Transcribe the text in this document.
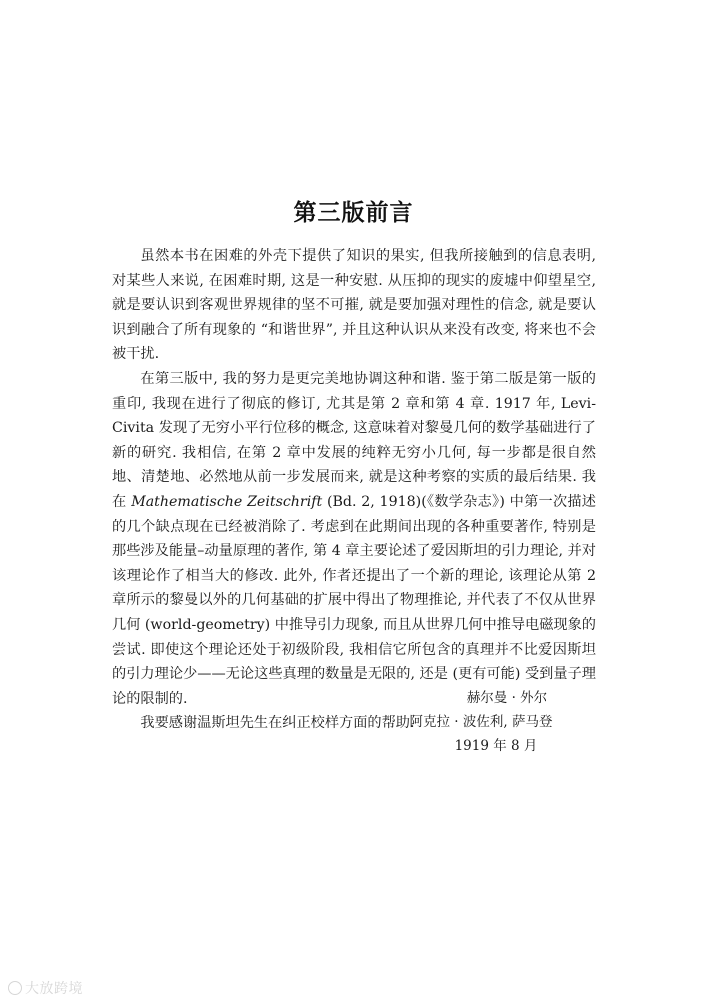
第三版前言

虽然本书在困难的外壳下提供了知识的果实, 但我所接触到的信息表明, 对某些人来说, 在困难时期, 这是一种安慰. 从压抑的现实的废墟中仰望星空, 就是要认识到客观世界规律的坚不可摧, 就是要加强对理性的信念, 就是要认识到融合了所有现象的 “和谐世界”, 并且这种认识从来没有改变, 将来也不会被干扰.

在第三版中, 我的努力是更完美地协调这种和谐. 鉴于第二版是第一版的重印, 我现在进行了彻底的修订, 尤其是第 2 章和第 4 章. 1917 年, Levi-Civita 发现了无穷小平行位移的概念, 这意味着对黎曼几何的数学基础进行了新的研究. 我相信, 在第 2 章中发展的纯粹无穷小几何, 每一步都是很自然地、清楚地、必然地从前一步发展而来, 就是这种考察的实质的最后结果. 我在 Mathematische Zeitschrift (Bd. 2, 1918)(《数学杂志》) 中第一次描述的几个缺点现在已经被消除了. 考虑到在此期间出现的各种重要著作, 特别是那些涉及能量–动量原理的著作, 第 4 章主要论述了爱因斯坦的引力理论, 并对该理论作了相当大的修改. 此外, 作者还提出了一个新的理论, 该理论从第 2 章所示的黎曼以外的几何基础的扩展中得出了物理推论, 并代表了不仅从世界几何 (world-geometry) 中推导引力现象, 而且从世界几何中推导电磁现象的尝试. 即使这个理论还处于初级阶段, 我相信它所包含的真理并不比爱因斯坦的引力理论少——无论这些真理的数量是无限的, 还是 (更有可能) 受到量子理论的限制的.

我要感谢温斯坦先生在纠正校样方面的帮助.

赫尔曼 · 外尔
阿克拉 · 波佐利, 萨马登
1919 年 8 月
大放跨境
